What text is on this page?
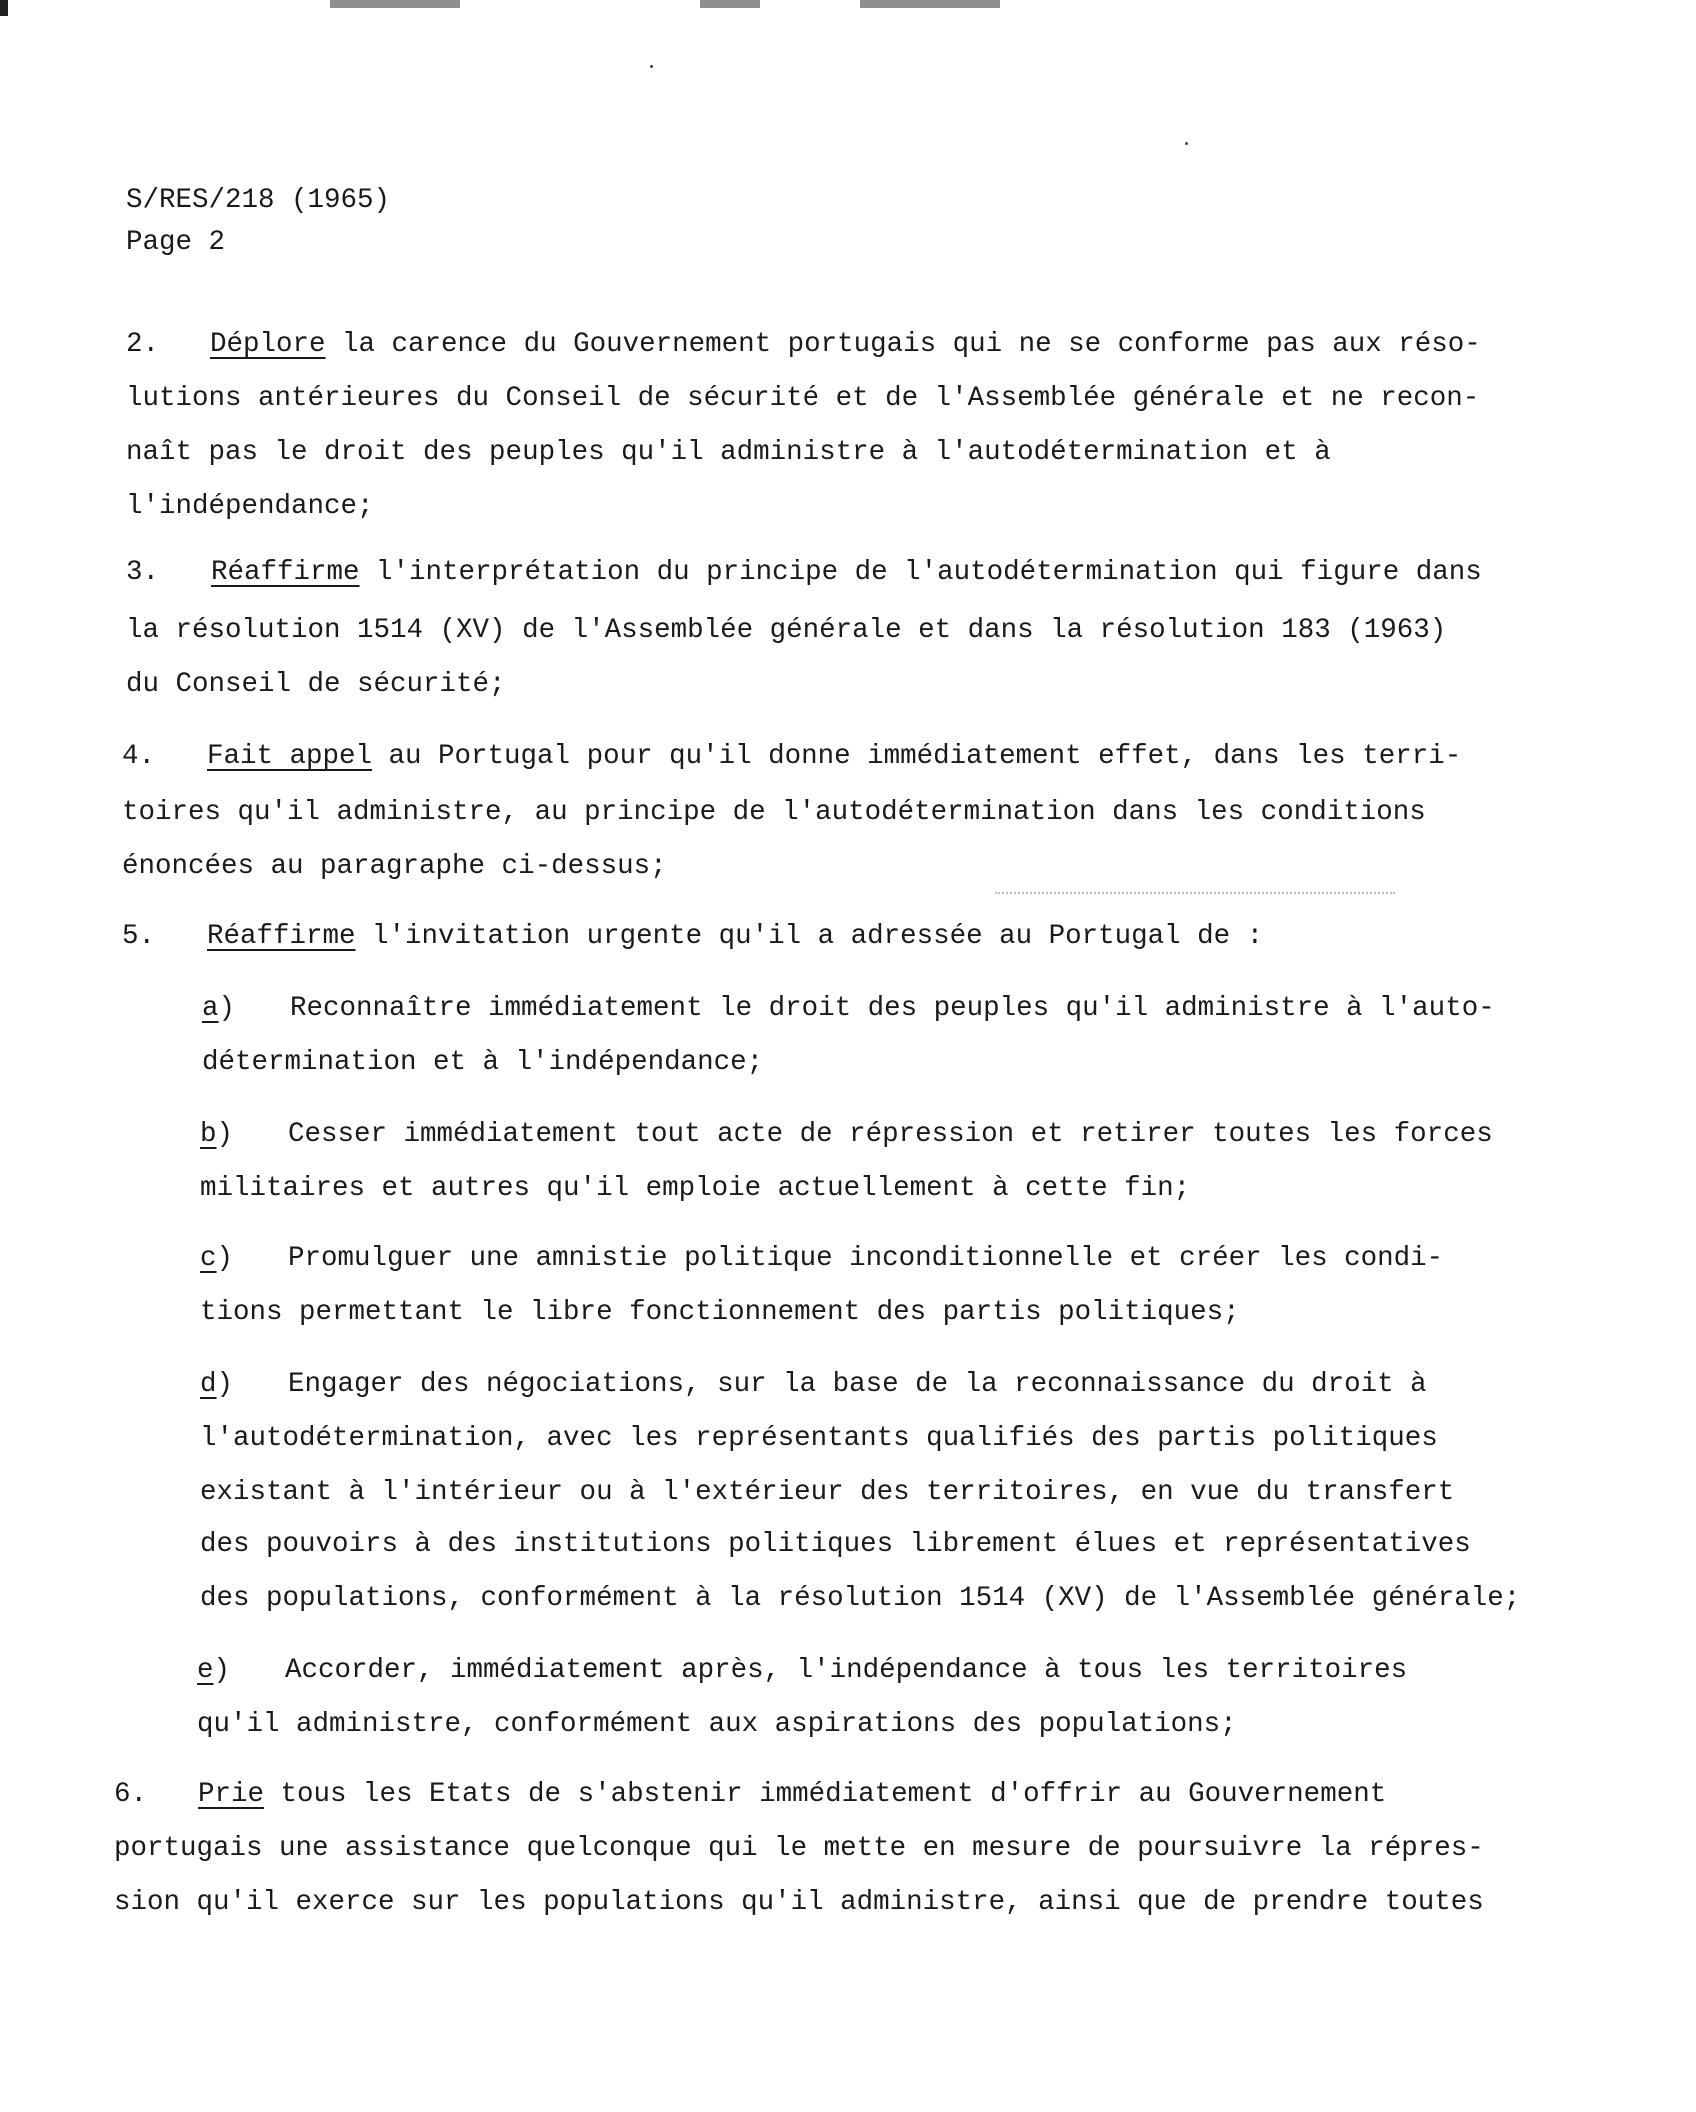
S/RES/218 (1965)
Page 2
2. Déplore la carence du Gouvernement portugais qui ne se conforme pas aux réso-
lutions antérieures du Conseil de sécurité et de l'Assemblée générale et ne recon-
naît pas le droit des peuples qu'il administre à l'autodétermination et à
l'indépendance;
3. Réaffirme l'interprétation du principe de l'autodétermination qui figure dans
la résolution 1514 (XV) de l'Assemblée générale et dans la résolution 183 (1963)
du Conseil de sécurité;
4. Fait appel au Portugal pour qu'il donne immédiatement effet, dans les terri-
toires qu'il administre, au principe de l'autodétermination dans les conditions
énoncées au paragraphe ci-dessus;
5. Réaffirme l'invitation urgente qu'il a adressée au Portugal de :
a) Reconnaître immédiatement le droit des peuples qu'il administre à l'auto-
détermination et à l'indépendance;
b) Cesser immédiatement tout acte de répression et retirer toutes les forces
militaires et autres qu'il emploie actuellement à cette fin;
c) Promulguer une amnistie politique inconditionnelle et créer les condi-
tions permettant le libre fonctionnement des partis politiques;
d) Engager des négociations, sur la base de la reconnaissance du droit à
l'autodétermination, avec les représentants qualifiés des partis politiques
existant à l'intérieur ou à l'extérieur des territoires, en vue du transfert
des pouvoirs à des institutions politiques librement élues et représentatives
des populations, conformément à la résolution 1514 (XV) de l'Assemblée générale;
e) Accorder, immédiatement après, l'indépendance à tous les territoires
qu'il administre, conformément aux aspirations des populations;
6. Prie tous les Etats de s'abstenir immédiatement d'offrir au Gouvernement
portugais une assistance quelconque qui le mette en mesure de poursuivre la répres-
sion qu'il exerce sur les populations qu'il administre, ainsi que de prendre toutes
